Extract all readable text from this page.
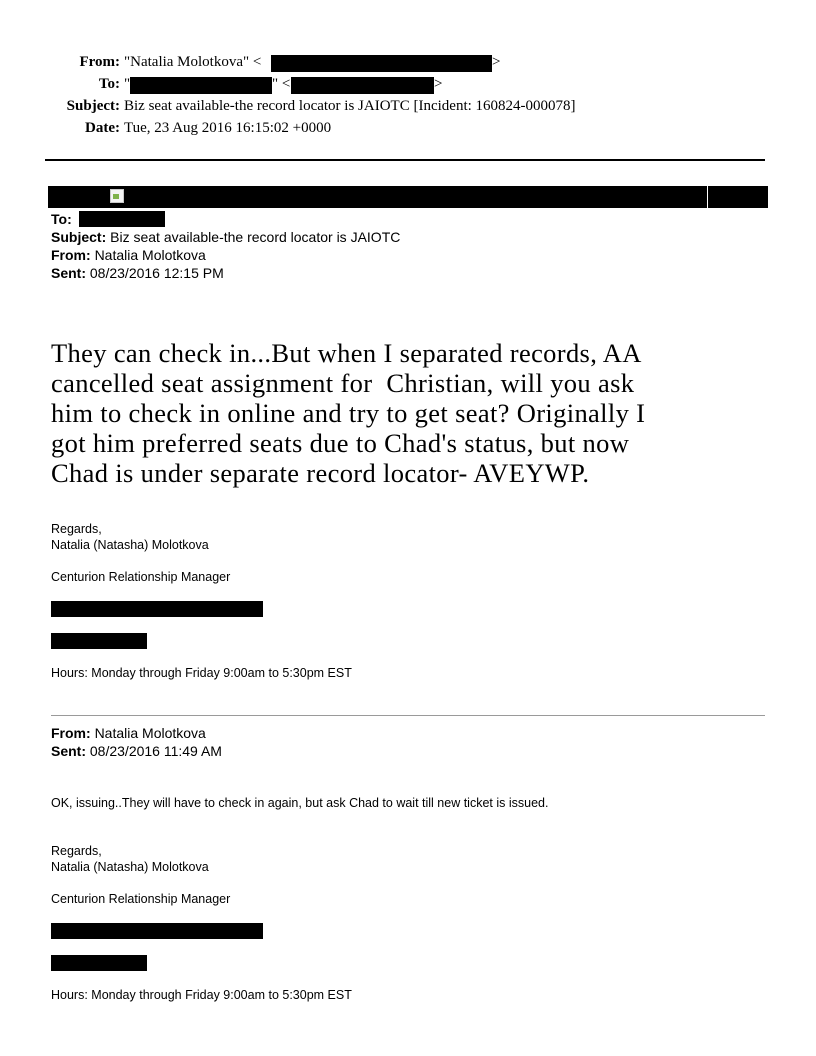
From: "Natalia Molotkova" <	>
To: "	" <	>
Subject: Biz seat available-the record locator is JAIOTC [Incident: 160824-000078]
Date: Tue, 23 Aug 2016 16:15:02 +0000
To:
Subject: Biz seat available-the record locator is JAIOTC
From: Natalia Molotkova
Sent: 08/23/2016 12:15 PM
They can check in...But when I separated records, AA
cancelled seat assignment for  Christian, will you ask
him to check in online and try to get seat? Originally I
got him preferred seats due to Chad's status, but now
Chad is under separate record locator- AVEYWP.
Regards,
Natalia (Natasha) Molotkova
Centurion Relationship Manager
Hours: Monday through Friday 9:00am to 5:30pm EST
From: Natalia Molotkova
Sent: 08/23/2016 11:49 AM
OK, issuing..They will have to check in again, but ask Chad to wait till new ticket is issued.
Regards,
Natalia (Natasha) Molotkova
Centurion Relationship Manager
Hours: Monday through Friday 9:00am to 5:30pm EST
